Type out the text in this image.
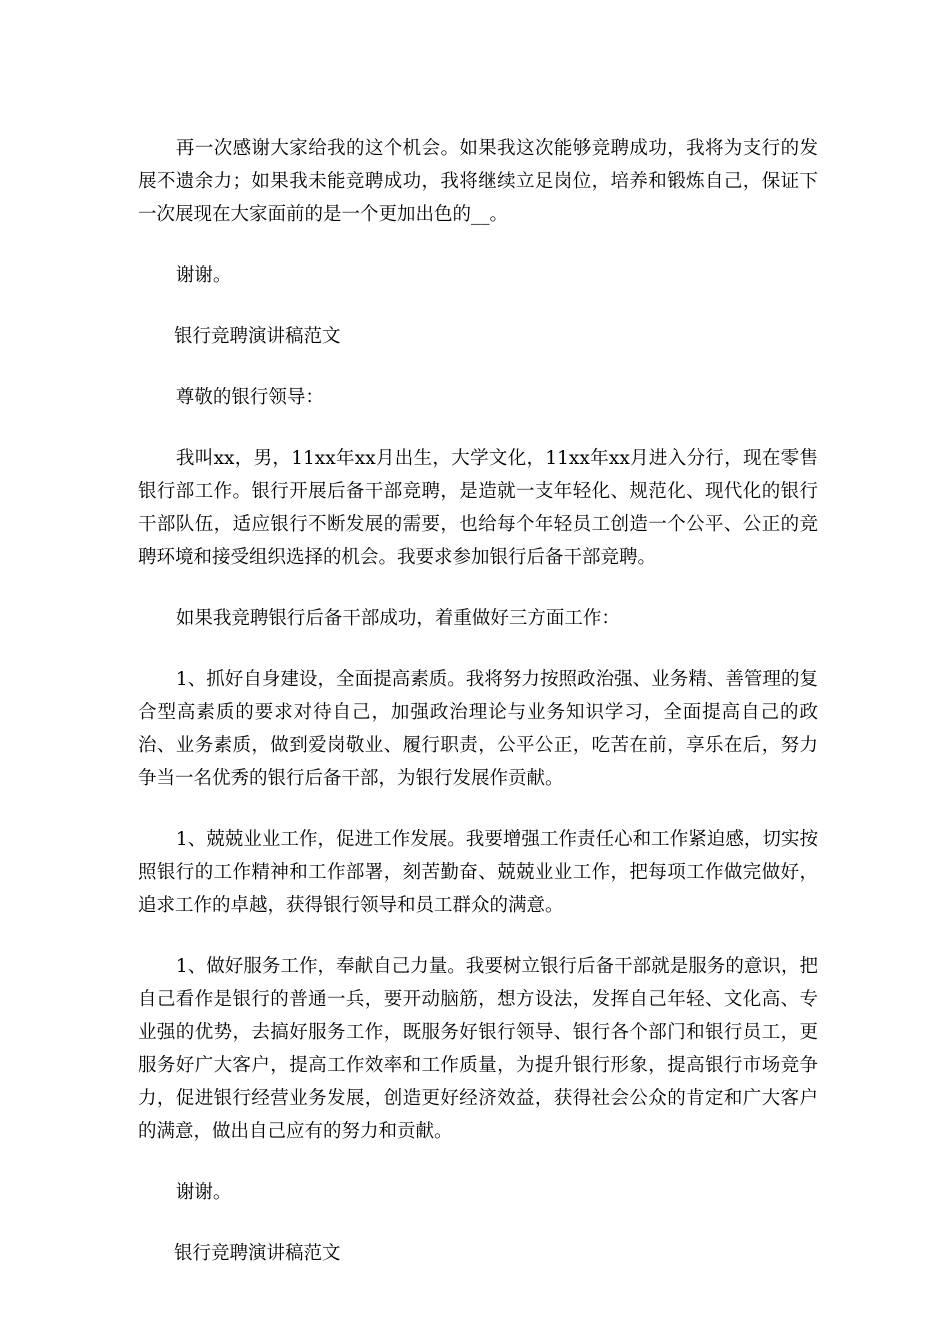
再一次感谢大家给我的这个机会。如果我这次能够竞聘成功，我将为支行的发展不遗余力；如果我未能竞聘成功，我将继续立足岗位，培养和锻炼自己，保证下一次展现在大家面前的是一个更加出色的__。

谢谢。

银行竞聘演讲稿范文

尊敬的银行领导：

我叫xx，男，11xx年xx月出生，大学文化，11xx年xx月进入分行，现在零售银行部工作。银行开展后备干部竞聘，是造就一支年轻化、规范化、现代化的银行干部队伍，适应银行不断发展的需要，也给每个年轻员工创造一个公平、公正的竞聘环境和接受组织选择的机会。我要求参加银行后备干部竞聘。

如果我竞聘银行后备干部成功，着重做好三方面工作：

1、抓好自身建设，全面提高素质。我将努力按照政治强、业务精、善管理的复合型高素质的要求对待自己，加强政治理论与业务知识学习，全面提高自己的政治、业务素质，做到爱岗敬业、履行职责，公平公正，吃苦在前，享乐在后，努力争当一名优秀的银行后备干部，为银行发展作贡献。

1、兢兢业业工作，促进工作发展。我要增强工作责任心和工作紧迫感，切实按照银行的工作精神和工作部署，刻苦勤奋、兢兢业业工作，把每项工作做完做好，追求工作的卓越，获得银行领导和员工群众的满意。

1、做好服务工作，奉献自己力量。我要树立银行后备干部就是服务的意识，把自己看作是银行的普通一兵，要开动脑筋，想方设法，发挥自己年轻、文化高、专业强的优势，去搞好服务工作，既服务好银行领导、银行各个部门和银行员工，更服务好广大客户，提高工作效率和工作质量，为提升银行形象，提高银行市场竞争力，促进银行经营业务发展，创造更好经济效益，获得社会公众的肯定和广大客户的满意，做出自己应有的努力和贡献。

谢谢。

银行竞聘演讲稿范文
